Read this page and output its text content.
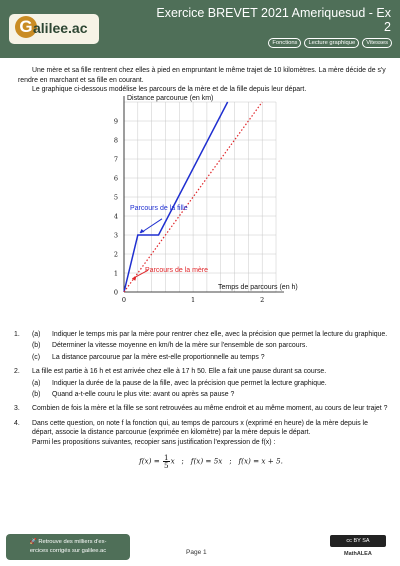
G alilee.ac
Exercice BREVET 2021 Ameriquesud - Ex 2
Fonctions	Lecture graphique	Vitesses

Une mère et sa fille rentrent chez elles à pied en empruntant le même trajet de 10 kilomètres. La mère décide de s'y rendre en marchant et sa fille en courant.

Le graphique ci-dessous modélise les parcours de la mère et de la fille depuis leur départ.

0
1
2
3
4
5
6
7
8
9
0	1	2
Distance parcourue (en km)
Temps de parcours (en h)
Parcours de la fille
Parcours de la mère
1. (a) Indiquer le temps mis par la mère pour rentrer chez elle, avec la précision que permet la lecture du graphique.
(b) Déterminer la vitesse moyenne en km/h de la mère sur l'ensemble de son parcours.
(c) La distance parcourue par la mère est-elle proportionnelle au temps ?
2. La fille est partie à 16 h et est arrivée chez elle à 17 h 50. Elle a fait une pause durant sa course.
(a) Indiquer la durée de la pause de la fille, avec la précision que permet la lecture graphique.
(b) Quand a-t-elle couru le plus vite: avant ou après sa pause ?
3. Combien de fois la mère et la fille se sont retrouvées au même endroit et au même moment, au cours de leur trajet ?
4. Dans cette question, on note f la fonction qui, au temps de parcours x (exprimé en heure) de la mère depuis le départ, associe la distance parcourue (exprimée en kilomètre) par la mère depuis le départ.
Parmi les propositions suivantes, recopier sans justification l'expression de f(x) :
$f(x) = \frac{1}{5}$ x ; f(x) = 5x ; f(x) = x + 5.
🚀 Retrouve des milliers d'ex-
ercices corrigés sur galilee.ac	Page 1
cc BY SA
MathALEA
